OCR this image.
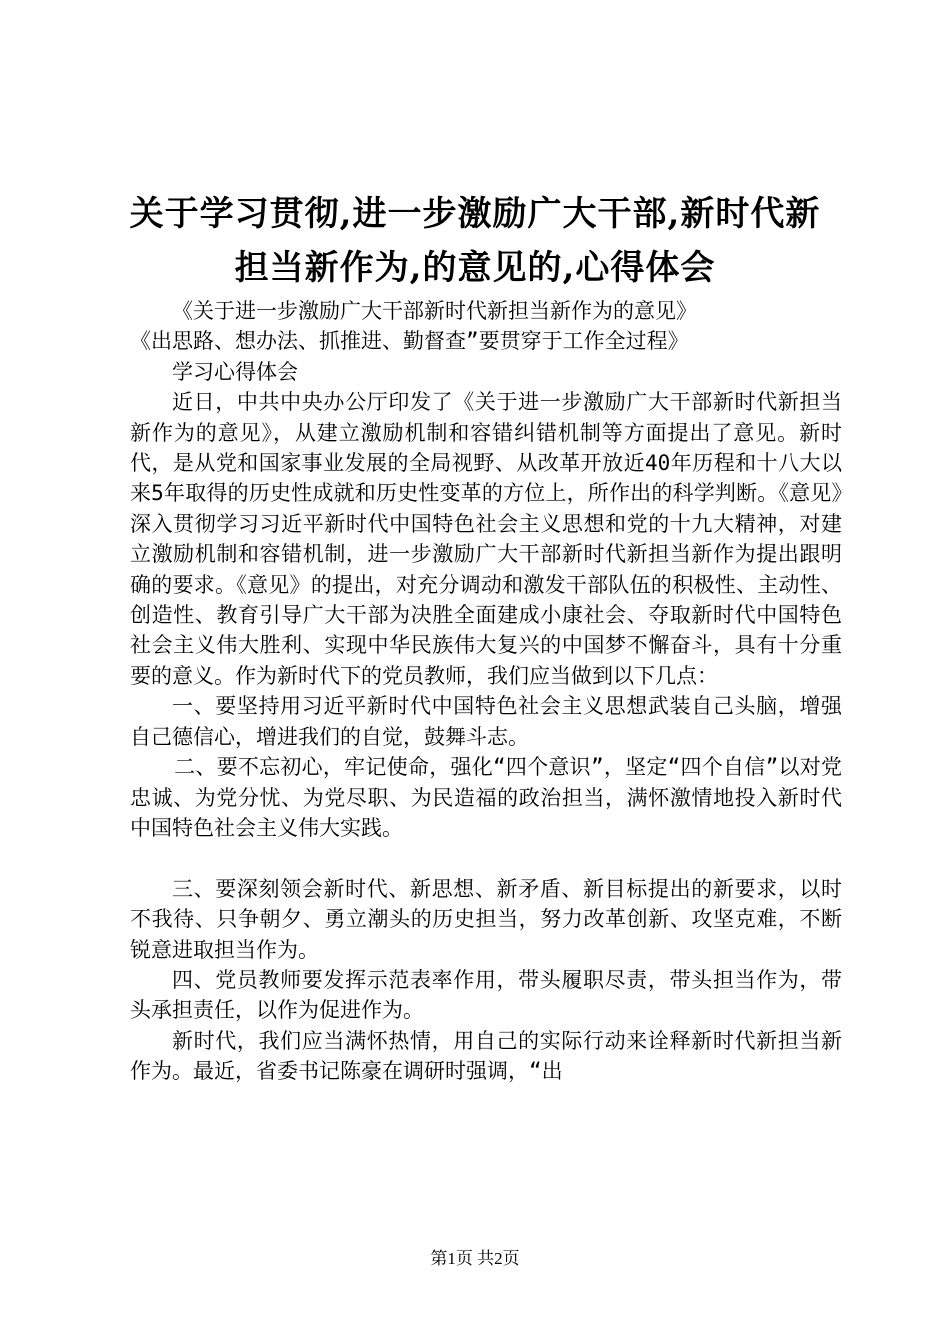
关于学习贯彻,进一步激励广大干部,新时代新
担当新作为,的意见的,心得体会

《关于进一步激励广大干部新时代新担当新作为的意见》

《出思路、想办法、抓推进、勤督查”要贯穿于工作全过程》

学习心得体会

近日，中共中央办公厅印发了《关于进一步激励广大干部新时代新担当新作为的意见》，从建立激励机制和容错纠错机制等方面提出了意见。新时代，是从党和国家事业发展的全局视野、从改革开放近40年历程和十八大以来5年取得的历史性成就和历史性变革的方位上，所作出的科学判断。《意见》深入贯彻学习习近平新时代中国特色社会主义思想和党的十九大精神，对建立激励机制和容错机制，进一步激励广大干部新时代新担当新作为提出跟明确的要求。《意见》的提出，对充分调动和激发干部队伍的积极性、主动性、创造性、教育引导广大干部为决胜全面建成小康社会、夺取新时代中国特色社会主义伟大胜利、实现中华民族伟大复兴的中国梦不懈奋斗，具有十分重要的意义。作为新时代下的党员教师，我们应当做到以下几点：

一、要坚持用习近平新时代中国特色社会主义思想武装自己头脑，增强自己德信心，增进我们的自觉，鼓舞斗志。

二、要不忘初心，牢记使命，强化“四个意识”，坚定“四个自信”以对党忠诚、为党分忧、为党尽职、为民造福的政治担当，满怀激情地投入新时代中国特色社会主义伟大实践。

三、要深刻领会新时代、新思想、新矛盾、新目标提出的新要求，以时不我待、只争朝夕、勇立潮头的历史担当，努力改革创新、攻坚克难，不断锐意进取担当作为。

四、党员教师要发挥示范表率作用，带头履职尽责，带头担当作为，带头承担责任，以作为促进作为。

新时代，我们应当满怀热情，用自己的实际行动来诠释新时代新担当新作为。最近，省委书记陈豪在调研时强调，“出

第1页 共2页
